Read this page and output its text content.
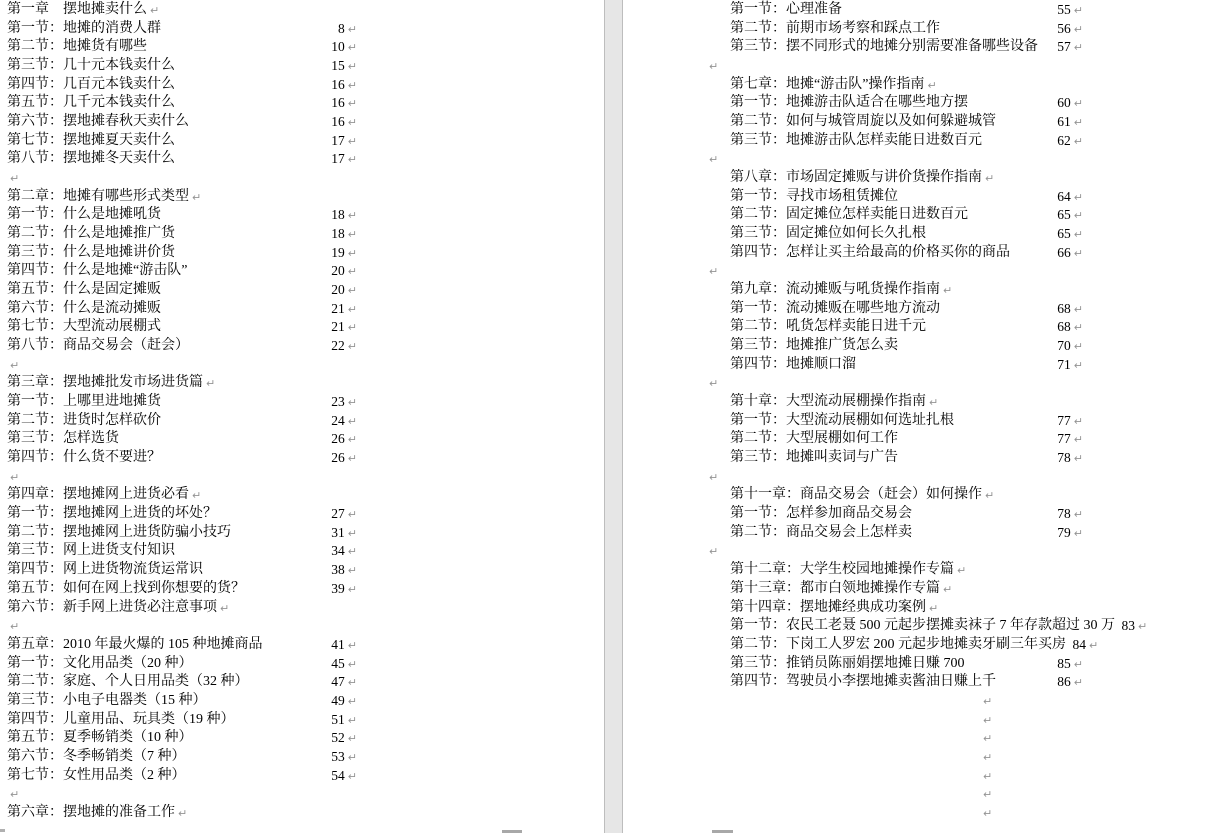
第一章　摆地摊卖什么 ↵
第一节：地摊的消费人群	8 ↵
第二节：地摊货有哪些	10 ↵
第三节：几十元本钱卖什么	15 ↵
第四节：几百元本钱卖什么	16 ↵
第五节：几千元本钱卖什么	16 ↵
第六节：摆地摊春秋天卖什么	16 ↵
第七节：摆地摊夏天卖什么	17 ↵
第八节：摆地摊冬天卖什么	17 ↵
↵
第二章：地摊有哪些形式类型 ↵
第一节：什么是地摊吼货	18 ↵
第二节：什么是地摊推广货	18 ↵
第三节：什么是地摊讲价货	19 ↵
第四节：什么是地摊“游击队”	20 ↵
第五节：什么是固定摊贩	20 ↵
第六节：什么是流动摊贩	21 ↵
第七节：大型流动展棚式	21 ↵
第八节：商品交易会（赶会）	22 ↵
↵
第三章：摆地摊批发市场进货篇 ↵
第一节：上哪里进地摊货	23 ↵
第二节：进货时怎样砍价	24 ↵
第三节：怎样选货	26 ↵
第四节：什么货不要进？	26 ↵
↵
第四章：摆地摊网上进货必看 ↵
第一节：摆地摊网上进货的坏处？	27 ↵
第二节：摆地摊网上进货防骗小技巧	31 ↵
第三节：网上进货支付知识	34 ↵
第四节：网上进货物流货运常识	38 ↵
第五节：如何在网上找到你想要的货？	39 ↵
第六节：新手网上进货必注意事项 ↵
↵
第五章：2010 年最火爆的 105 种地摊商品	41 ↵
第一节：文化用品类（20 种）	45 ↵
第二节：家庭、个人日用品类（32 种）	47 ↵
第三节：小电子电器类（15 种）	49 ↵
第四节：儿童用品、玩具类（19 种）	51 ↵
第五节：夏季畅销类（10 种）	52 ↵
第六节：冬季畅销类（7 种）	53 ↵
第七节：女性用品类（2 种）	54 ↵
↵
第六章：摆地摊的准备工作 ↵
第一节：心理准备	55 ↵
第二节：前期市场考察和踩点工作	56 ↵
第三节：摆不同形式的地摊分别需要准备哪些设备	57 ↵
↵
第七章：地摊“游击队”操作指南 ↵
第一节：地摊游击队适合在哪些地方摆	60 ↵
第二节：如何与城管周旋以及如何躲避城管	61 ↵
第三节：地摊游击队怎样卖能日进数百元	62 ↵
↵
第八章：市场固定摊贩与讲价货操作指南 ↵
第一节：寻找市场租赁摊位	64 ↵
第二节：固定摊位怎样卖能日进数百元	65 ↵
第三节：固定摊位如何长久扎根	65 ↵
第四节：怎样让买主给最高的价格买你的商品	66 ↵
↵
第九章：流动摊贩与吼货操作指南 ↵
第一节：流动摊贩在哪些地方流动	68 ↵
第二节：吼货怎样卖能日进千元	68 ↵
第三节：地摊推广货怎么卖	70 ↵
第四节：地摊顺口溜	71 ↵
↵
第十章：大型流动展棚操作指南 ↵
第一节：大型流动展棚如何选址扎根	77 ↵
第二节：大型展棚如何工作	77 ↵
第三节：地摊叫卖词与广告	78 ↵
↵
第十一章：商品交易会（赶会）如何操作 ↵
第一节：怎样参加商品交易会	78 ↵
第二节：商品交易会上怎样卖	79 ↵
↵
第十二章：大学生校园地摊操作专篇 ↵
第十三章：都市白领地摊操作专篇 ↵
第十四章：摆地摊经典成功案例 ↵
第一节：农民工老聂 500 元起步摆摊卖袜子 7 年存款超过 30 万 83 ↵
第二节：下岗工人罗宏 200 元起步地摊卖牙刷三年买房 84 ↵
第三节：推销员陈丽娟摆地摊日赚 700	85 ↵
第四节：驾驶员小李摆地摊卖酱油日赚上千	86 ↵
↵
↵
↵
↵
↵
↵
↵
